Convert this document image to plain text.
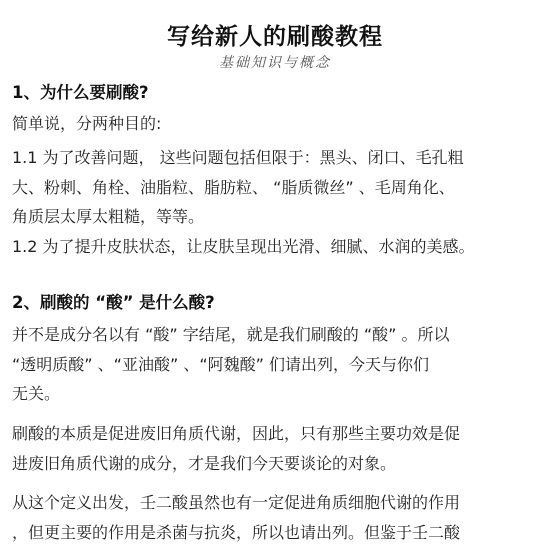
写给新人的刷酸教程
基础知识与概念
1、为什么要刷酸?
简单说，分两种目的:
1.1 为了改善问题， 这些问题包括但限于：黑头、闭口、毛孔粗
大、粉刺、角栓、油脂粒、脂肪粒、 “脂质微丝” 、毛周角化、
角质层太厚太粗糙，等等。
1.2 为了提升皮肤状态，让皮肤呈现出光滑、细腻、水润的美感。
2、刷酸的 “酸” 是什么酸?
并不是成分名以有 “酸” 字结尾，就是我们刷酸的 “酸” 。所以
“透明质酸” 、“亚油酸” 、“阿魏酸” 们请出列，今天与你们
无关。
刷酸的本质是促进废旧角质代谢，因此，只有那些主要功效是促
进废旧角质代谢的成分，才是我们今天要谈论的对象。
从这个定义出发，壬二酸虽然也有一定促进角质细胞代谢的作用
，但更主要的作用是杀菌与抗炎，所以也请出列。但鉴于壬二酸
